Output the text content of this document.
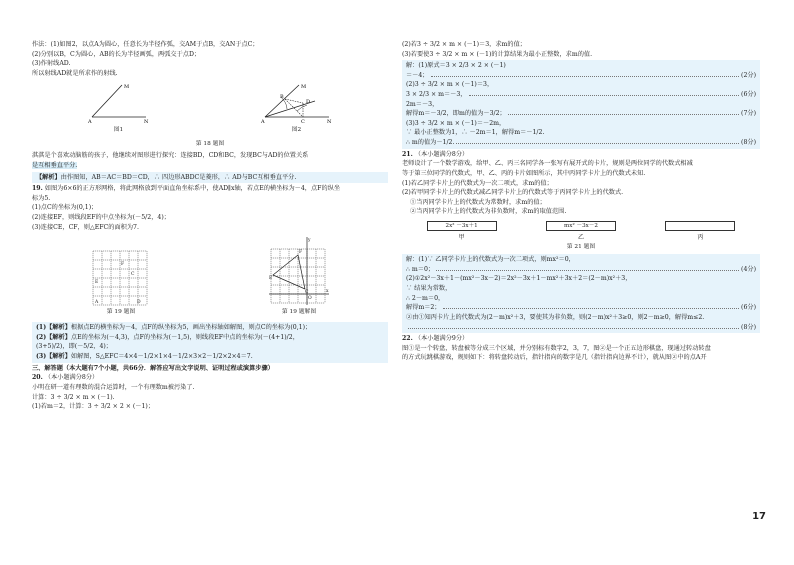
作法：(1)如图2，以点A为圆心，任意长为半径作弧，交AM于点B，交AN于点C；
(2)分别以B，C为圆心，AB的长为半径画弧，两弧交于点D；
(3)作射线AD.
所以射线AD就是所求作的射线.
A
M
N
图1
A
M
B
C
D
N
图2
第 18 题图
淇淇是个喜欢动脑筋的孩子，他继续对图形进行探究：连接BD，CD和BC，发现BC与AD的位置关系
是互相垂直平分.
【解析】由作图知，AB＝AC＝BD＝CD，∴ 四边形ABDC是菱形，∴ AD与BC互相垂直平分.
19. 如图为6×6的正方形网格，将此网格放到平面直角坐标系中，使AD∥x轴，若点E的横坐标为－4，点F的纵坐
标为5.
(1)点C的坐标为(0,1)；
(2)连接EF，则线段EF的中点坐标为(－5/2，4)；
(3)连接CE，CF，则△EFC的面积为7.
E
F
A	D
C
第 19 题图
y
x
E
F
C
O
第 19 题解图
(1)【解析】根据点E的横坐标为－4，点F的纵坐标为5，画出坐标轴如解图，则点C的坐标为(0,1)；
(2)【解析】点E的坐标为(－4,3)，点F的坐标为(－1,5)，则线段EF中点的坐标为(－(4+1)/2，
(3+5)/2)，即(－5/2，4)；
(3)【解析】如解图，S△EFC＝4×4－1/2×1×4－1/2×3×2－1/2×2×4＝7.
三、解答题（本大题有7个小题，共66分．解答应写出文字说明、证明过程或演算步骤）
20. （本小题满分8分）
小明在研一道有理数的混合运算时，一个有理数m被污染了.
计算：3 ÷ 3/2 × m × (－1).
(1)若m＝2，计算：3 ÷ 3/2 × 2 × (－1)；
(2)若3 ÷ 3/2 × m × (－1)＝3，求m的值；
(3)若要使3 ÷ 3/2 × m × (－1)的计算结果为最小正整数，求m的值.
解：(1)原式＝3 × 2/3 × 2 × (－1)
＝－4；	(2分)
(2)3 ÷ 3/2 × m × (－1)＝3，
3 × 2/3 × m＝－3，	(6分)
2m＝－3，
解得m＝－3/2，即m的值为－3/2；	(7分)
(3)3 ÷ 3/2 × m × (－1)＝－2m，
∵ 最小正整数为1，∴ －2m＝1，解得m＝－1/2.
∴ m的值为－1/2.	(8分)
21. （本小题满分8分）
老师设计了一个数学游戏，给甲、乙、丙三名同学各一张写有展开式的卡片，规则是两位同学的代数式相减
等于第三位同学的代数式，甲、乙、丙的卡片如图所示，其中丙同学卡片上的代数式未知.
(1)若乙同学卡片上的代数式为一次二项式，求m的值；
(2)若甲同学卡片上的代数式减乙同学卡片上的代数式等于丙同学卡片上的代数式.
①当丙同学卡片上的代数式为常数时，求m的值；
②当丙同学卡片上的代数式为非负数时，求m的取值范围.
2x² －3x＋1	mx² －3x－2
甲	乙	丙
第 21 题图
解：(1)∵ 乙同学卡片上的代数式为一次二项式，则mx²＝0，
∴ m＝0；	(4分)
(2)①2x²－3x＋1－(mx²－3x－2)＝2x²－3x＋1－mx²＋3x＋2＝(2－m)x²＋3，
∵ 结果为常数，
∴ 2－m＝0，
解得m＝2；	(6分)
②由①知丙卡片上的代数式为(2－m)x²＋3，要使其为非负数，则(2－m)x²＋3≥0，则2－m≥0，解得m≤2.
(8分)
22. （本小题满分9分）
图①是一个转盘，转盘被等分成三个区域，并分别标有数字2，3，7，图②是一个正五边形棋盘，现通过转动转盘
的方式玩跳棋游戏，规则如下：将转盘转动后，指针指向的数字是几（指针指向边界不计），就从图②中的点A开
17
